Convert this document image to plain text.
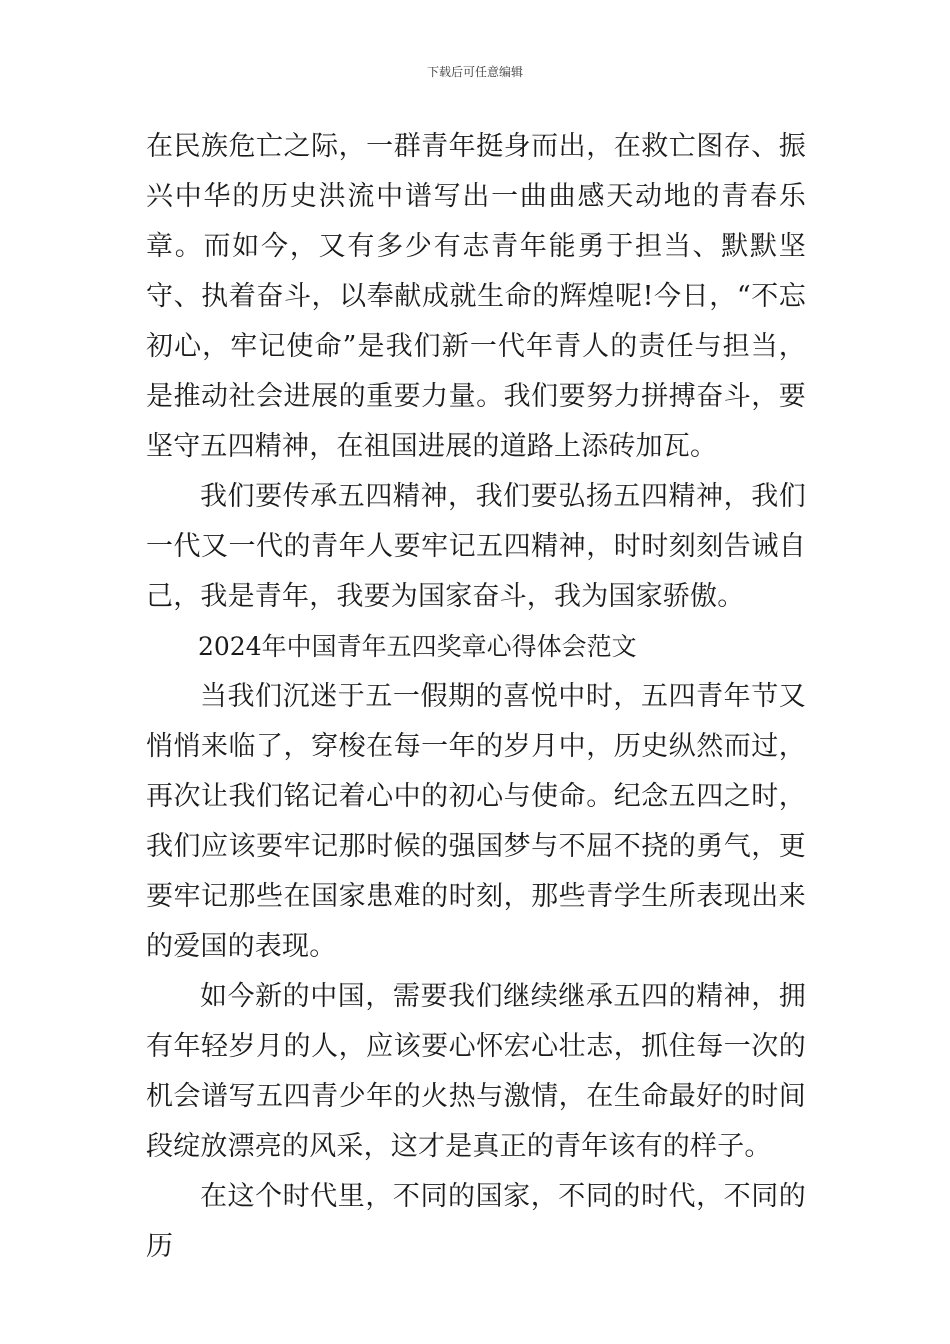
下载后可任意编辑

在民族危亡之际，一群青年挺身而出，在救亡图存、振兴中华的历史洪流中谱写出一曲曲感天动地的青春乐章。而如今，又有多少有志青年能勇于担当、默默坚守、执着奋斗，以奉献成就生命的辉煌呢!今日，“不忘初心，牢记使命”是我们新一代年青人的责任与担当，是推动社会进展的重要力量。我们要努力拼搏奋斗，要坚守五四精神，在祖国进展的道路上添砖加瓦。

我们要传承五四精神，我们要弘扬五四精神，我们一代又一代的青年人要牢记五四精神，时时刻刻告诫自己，我是青年，我要为国家奋斗，我为国家骄傲。

2024年中国青年五四奖章心得体会范文

当我们沉迷于五一假期的喜悦中时，五四青年节又悄悄来临了，穿梭在每一年的岁月中，历史纵然而过，再次让我们铭记着心中的初心与使命。纪念五四之时，我们应该要牢记那时候的强国梦与不屈不挠的勇气，更要牢记那些在国家患难的时刻，那些青学生所表现出来的爱国的表现。

如今新的中国，需要我们继续继承五四的精神，拥有年轻岁月的人，应该要心怀宏心壮志，抓住每一次的机会谱写五四青少年的火热与激情，在生命最好的时间段绽放漂亮的风采，这才是真正的青年该有的样子。

在这个时代里，不同的国家，不同的时代，不同的历
